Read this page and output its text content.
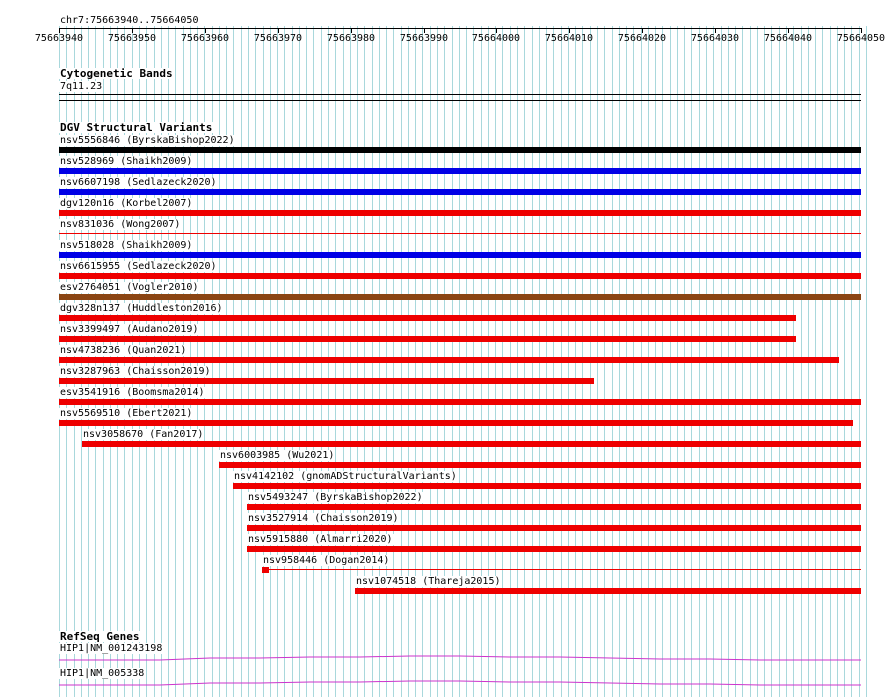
chr7:75663940..75664050
75663940 75663950 75663960 75663970 75663980 75663990 75664000 75664010 75664020 75664030 75664040 75664050
Cytogenetic Bands
7q11.23
DGV Structural Variants
nsv5556846 (ByrskaBishop2022)
nsv528969 (Shaikh2009)
nsv6607198 (Sedlazeck2020)
dgv120n16 (Korbel2007)
nsv831036 (Wong2007)
nsv518028 (Shaikh2009)
nsv6615955 (Sedlazeck2020)
esv2764051 (Vogler2010)
dgv328n137 (Huddleston2016)
nsv3399497 (Audano2019)
nsv4738236 (Quan2021)
nsv3287963 (Chaisson2019)
esv3541916 (Boomsma2014)
nsv5569510 (Ebert2021)
nsv3058670 (Fan2017)
nsv6003985 (Wu2021)
nsv4142102 (gnomADStructuralVariants)
nsv5493247 (ByrskaBishop2022)
nsv3527914 (Chaisson2019)
nsv5915880 (Almarri2020)
nsv958446 (Dogan2014)
nsv1074518 (Thareja2015)
RefSeq Genes
HIP1|NM_001243198
HIP1|NM_005338
